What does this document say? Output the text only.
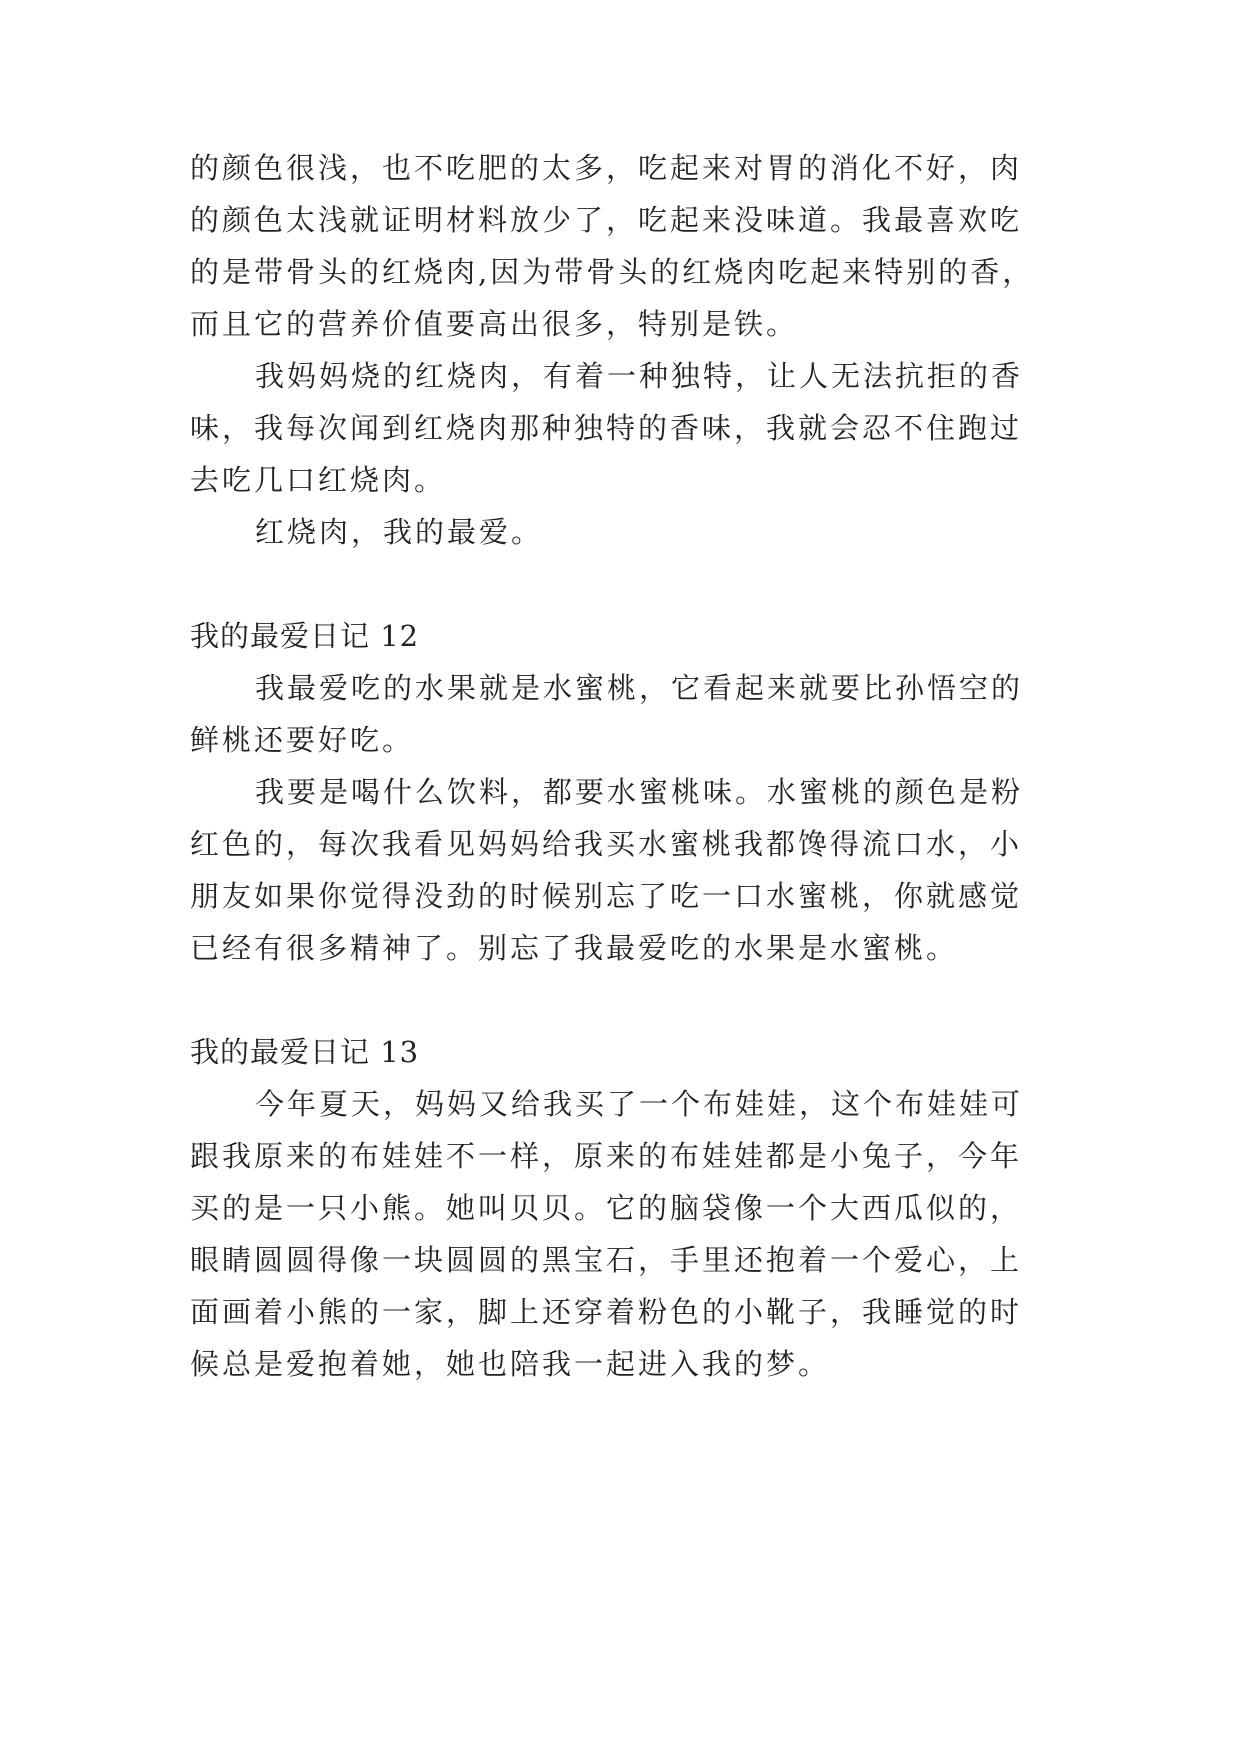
的颜色很浅，也不吃肥的太多，吃起来对胃的消化不好，肉
的颜色太浅就证明材料放少了，吃起来没味道。我最喜欢吃
的是带骨头的红烧肉,因为带骨头的红烧肉吃起来特别的香，
而且它的营养价值要高出很多，特别是铁。
我妈妈烧的红烧肉，有着一种独特，让人无法抗拒的香
味，我每次闻到红烧肉那种独特的香味，我就会忍不住跑过
去吃几口红烧肉。
红烧肉，我的最爱。
我的最爱日记 12
我最爱吃的水果就是水蜜桃，它看起来就要比孙悟空的
鲜桃还要好吃。
我要是喝什么饮料，都要水蜜桃味。水蜜桃的颜色是粉
红色的，每次我看见妈妈给我买水蜜桃我都馋得流口水，小
朋友如果你觉得没劲的时候别忘了吃一口水蜜桃，你就感觉
已经有很多精神了。别忘了我最爱吃的水果是水蜜桃。
我的最爱日记 13
今年夏天，妈妈又给我买了一个布娃娃，这个布娃娃可
跟我原来的布娃娃不一样，原来的布娃娃都是小兔子，今年
买的是一只小熊。她叫贝贝。它的脑袋像一个大西瓜似的，
眼睛圆圆得像一块圆圆的黑宝石，手里还抱着一个爱心，上
面画着小熊的一家，脚上还穿着粉色的小靴子，我睡觉的时
候总是爱抱着她，她也陪我一起进入我的梦。
